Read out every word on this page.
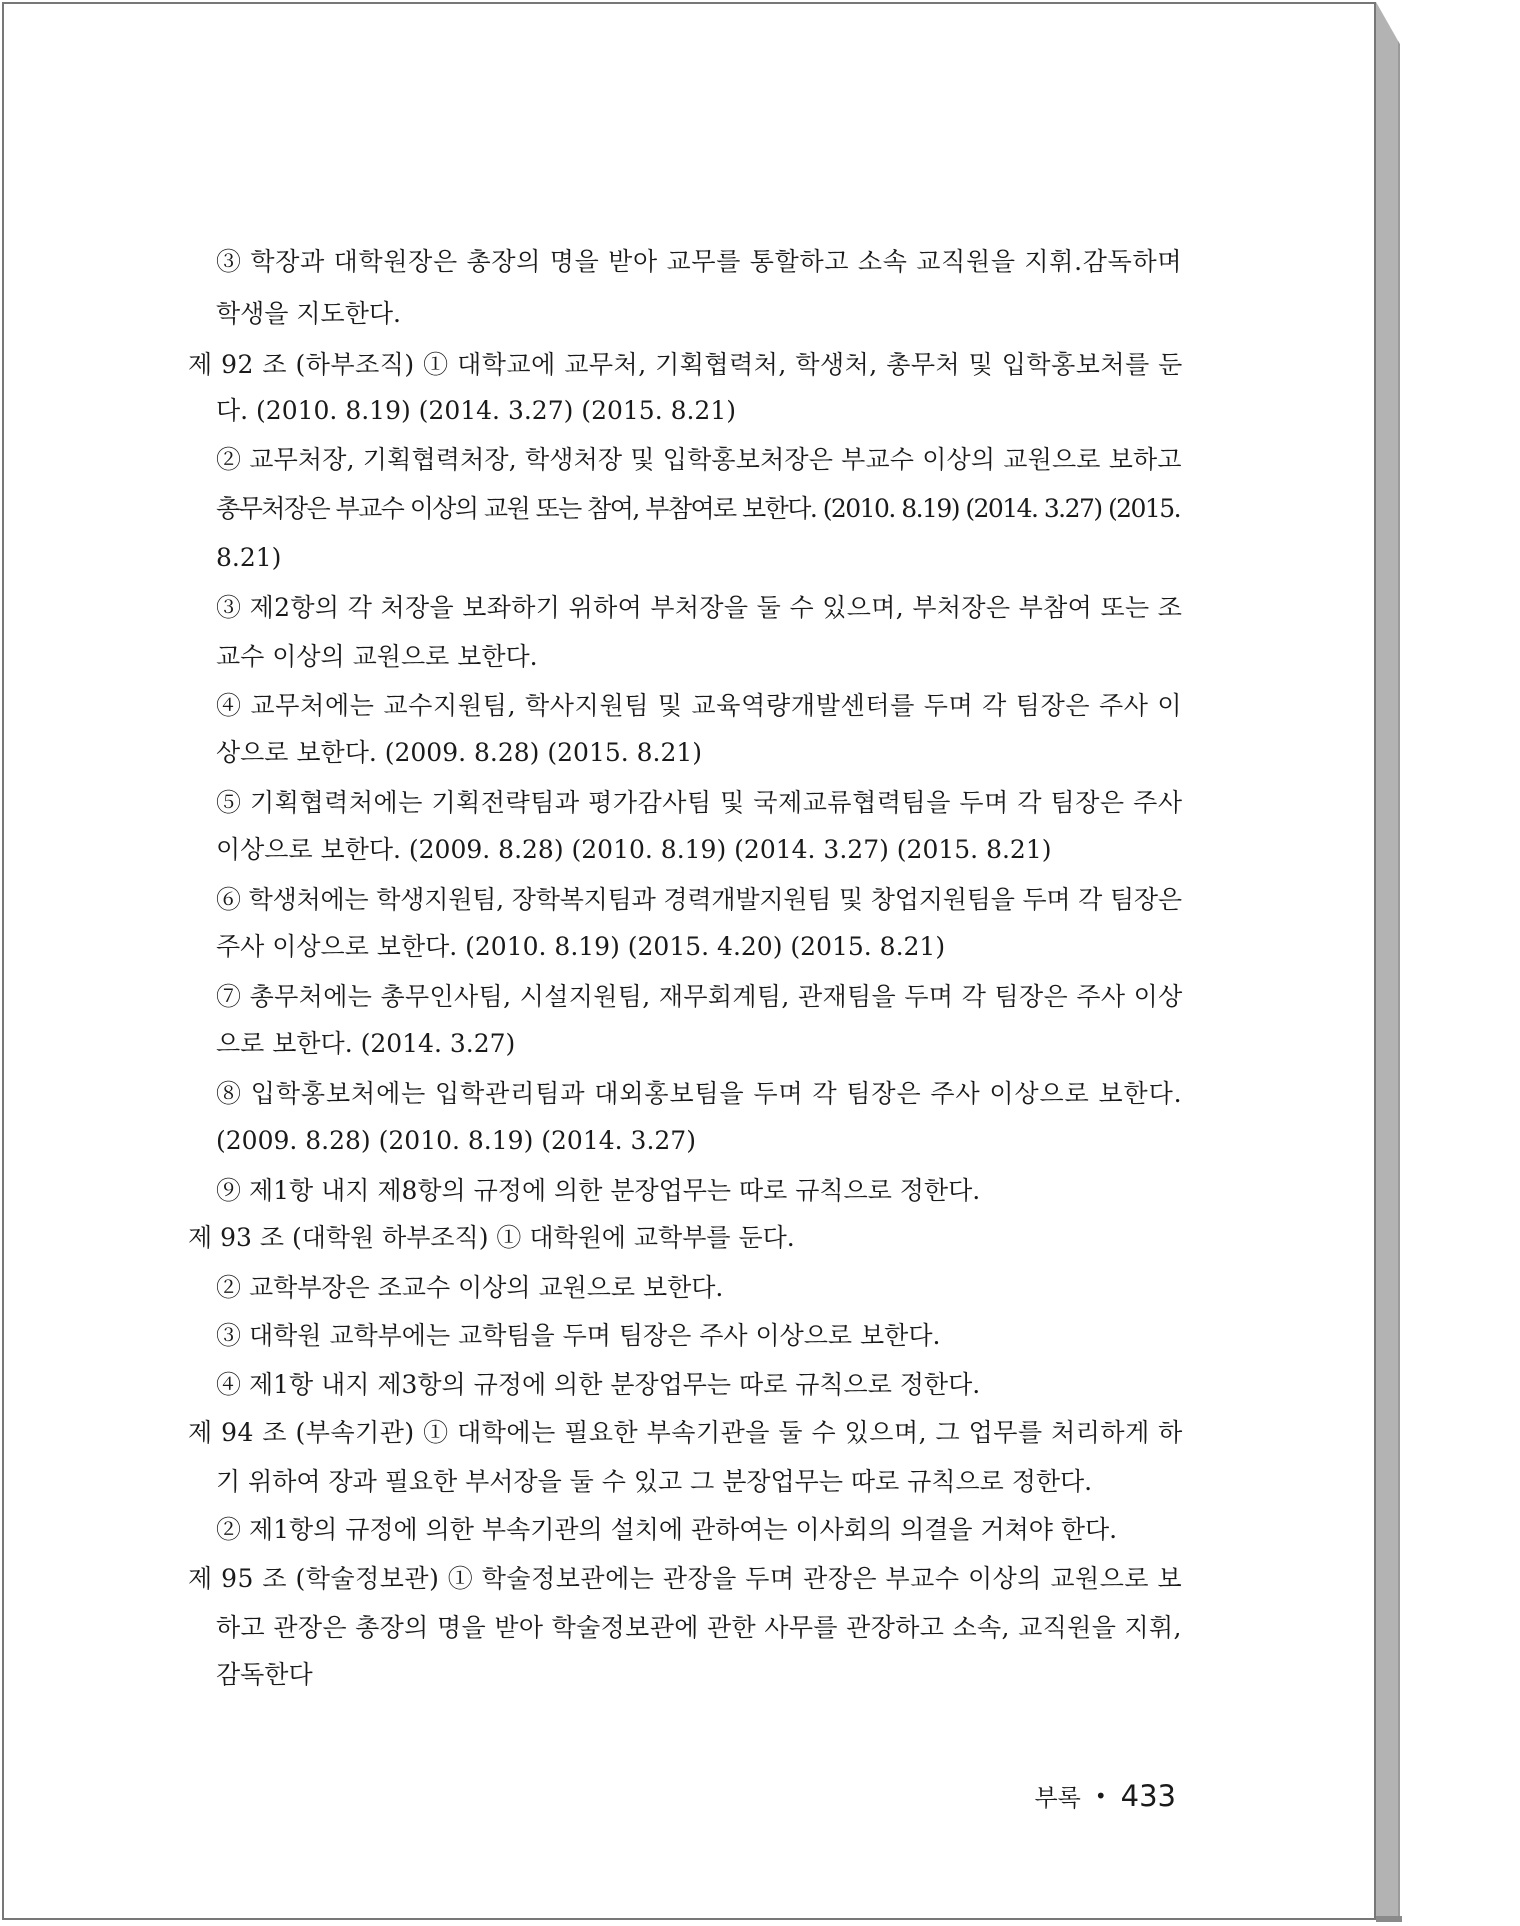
③ 학장과 대학원장은 총장의 명을 받아 교무를 통할하고 소속 교직원을 지휘.감독하며
학생을 지도한다.
제 92 조 (하부조직) ① 대학교에 교무처, 기획협력처, 학생처, 총무처 및 입학홍보처를 둔
다. (2010. 8.19) (2014. 3.27) (2015. 8.21)
② 교무처장, 기획협력처장, 학생처장 및 입학홍보처장은 부교수 이상의 교원으로 보하고
총무처장은 부교수 이상의 교원 또는 참여, 부참여로 보한다. (2010. 8.19) (2014. 3.27) (2015.
8.21)
③ 제2항의 각 처장을 보좌하기 위하여 부처장을 둘 수 있으며, 부처장은 부참여 또는 조
교수 이상의 교원으로 보한다.
④ 교무처에는 교수지원팀, 학사지원팀 및 교육역량개발센터를 두며 각 팀장은 주사 이
상으로 보한다. (2009. 8.28) (2015. 8.21)
⑤ 기획협력처에는 기획전략팀과 평가감사팀 및 국제교류협력팀을 두며 각 팀장은 주사
이상으로 보한다. (2009. 8.28) (2010. 8.19) (2014. 3.27) (2015. 8.21)
⑥ 학생처에는 학생지원팀, 장학복지팀과 경력개발지원팀 및 창업지원팀을 두며 각 팀장은
주사 이상으로 보한다. (2010. 8.19) (2015. 4.20) (2015. 8.21)
⑦ 총무처에는 총무인사팀, 시설지원팀, 재무회계팀, 관재팀을 두며 각 팀장은 주사 이상
으로 보한다. (2014. 3.27)
⑧ 입학홍보처에는 입학관리팀과 대외홍보팀을 두며 각 팀장은 주사 이상으로 보한다.
(2009. 8.28) (2010. 8.19) (2014. 3.27)
⑨ 제1항 내지 제8항의 규정에 의한 분장업무는 따로 규칙으로 정한다.
제 93 조 (대학원 하부조직) ① 대학원에 교학부를 둔다.
② 교학부장은 조교수 이상의 교원으로 보한다.
③ 대학원 교학부에는 교학팀을 두며 팀장은 주사 이상으로 보한다.
④ 제1항 내지 제3항의 규정에 의한 분장업무는 따로 규칙으로 정한다.
제 94 조 (부속기관) ① 대학에는 필요한 부속기관을 둘 수 있으며, 그 업무를 처리하게 하
기 위하여 장과 필요한 부서장을 둘 수 있고 그 분장업무는 따로 규칙으로 정한다.
② 제1항의 규정에 의한 부속기관의 설치에 관하여는 이사회의 의결을 거쳐야 한다.
제 95 조 (학술정보관) ① 학술정보관에는 관장을 두며 관장은 부교수 이상의 교원으로 보
하고 관장은 총장의 명을 받아 학술정보관에 관한 사무를 관장하고 소속, 교직원을 지휘,
감독한다
부록 • 433
